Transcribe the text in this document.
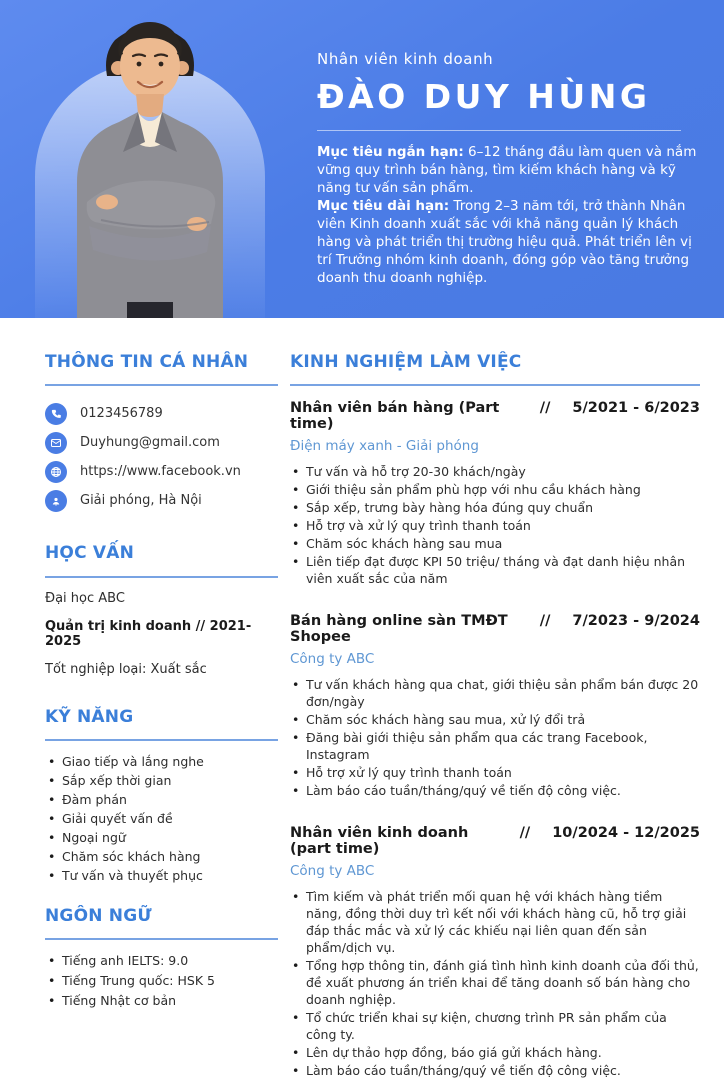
Nhân viên kinh doanh
ĐÀO DUY HÙNG

Mục tiêu ngắn hạn: 6–12 tháng đầu làm quen và nắm vững quy trình bán hàng, tìm kiếm khách hàng và kỹ năng tư vấn sản phẩm.

Mục tiêu dài hạn: Trong 2–3 năm tới, trở thành Nhân viên Kinh doanh xuất sắc với khả năng quản lý khách hàng và phát triển thị trường hiệu quả. Phát triển lên vị trí Trưởng nhóm kinh doanh, đóng góp vào tăng trưởng doanh thu doanh nghiệp.

THÔNG TIN CÁ NHÂN
0123456789
Duyhung@gmail.com
https://www.facebook.vn
Giải phóng, Hà Nội
HỌC VẤN
Đại học ABC
Quản trị kinh doanh // 2021-2025
Tốt nghiệp loại: Xuất sắc
KỸ NĂNG
• Giao tiếp và lắng nghe
• Sắp xếp thời gian
• Đàm phán
• Giải quyết vấn đề
• Ngoại ngữ
• Chăm sóc khách hàng
• Tư vấn và thuyết phục
NGÔN NGỮ
• Tiếng anh IELTS: 9.0
• Tiếng Trung quốc: HSK 5
• Tiếng Nhật cơ bản
KINH NGHIỆM LÀM VIỆC
Nhân viên bán hàng (Part time)
// 5/2021 - 6/2023
Điện máy xanh - Giải phóng
• Tư vấn và hỗ trợ 20-30 khách/ngày
• Giới thiệu sản phẩm phù hợp với nhu cầu khách hàng
• Sắp xếp, trưng bày hàng hóa đúng quy chuẩn
• Hỗ trợ và xử lý quy trình thanh toán
• Chăm sóc khách hàng sau mua
• Liên tiếp đạt được KPI 50 triệu/ tháng và đạt danh hiệu nhân viên xuất sắc của năm
Bán hàng online sàn TMĐT Shopee
// 7/2023 - 9/2024
Công ty ABC
• Tư vấn khách hàng qua chat, giới thiệu sản phẩm bán được 20 đơn/ngày
• Chăm sóc khách hàng sau mua, xử lý đổi trả
• Đăng bài giới thiệu sản phẩm qua các trang Facebook, Instagram
• Hỗ trợ xử lý quy trình thanh toán
• Làm báo cáo tuần/tháng/quý về tiến độ công việc.
Nhân viên kinh doanh (part time)
// 10/2024 - 12/2025
Công ty ABC
• Tìm kiếm và phát triển mối quan hệ với khách hàng tiềm năng, đồng thời duy trì kết nối với khách hàng cũ, hỗ trợ giải đáp thắc mắc và xử lý các khiếu nại liên quan đến sản phẩm/dịch vụ.
• Tổng hợp thông tin, đánh giá tình hình kinh doanh của đối thủ, đề xuất phương án triển khai để tăng doanh số bán hàng cho doanh nghiệp.
• Tổ chức triển khai sự kiện, chương trình PR sản phẩm của công ty.
• Lên dự thảo hợp đồng, báo giá gửi khách hàng.
• Làm báo cáo tuần/tháng/quý về tiến độ công việc.
